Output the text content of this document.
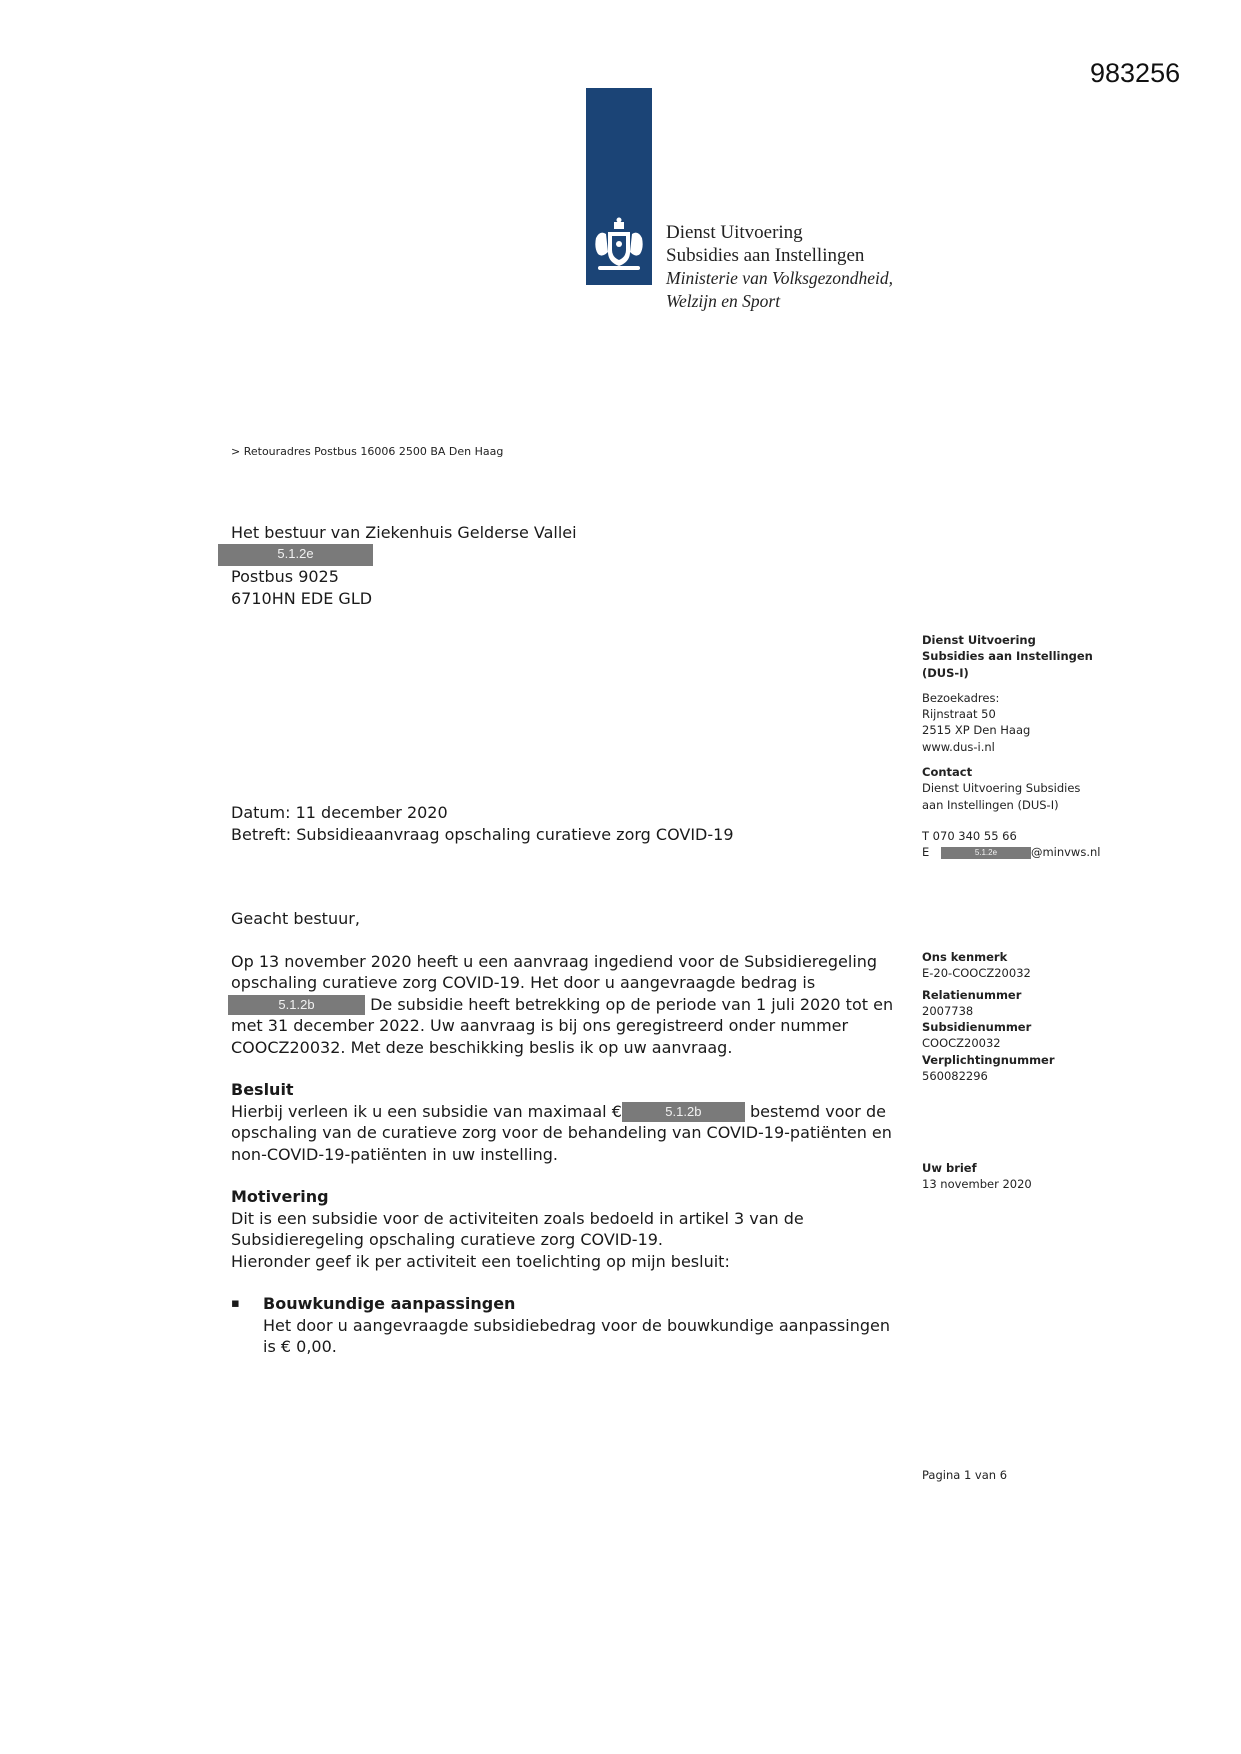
983256
Dienst Uitvoering
Subsidies aan Instellingen
Ministerie van Volksgezondheid,
Welzijn en Sport
> Retouradres Postbus 16006 2500 BA Den Haag
Het bestuur van Ziekenhuis Gelderse Vallei
5.1.2e
Postbus 9025
6710HN EDE GLD
Dienst Uitvoering
Subsidies aan Instellingen
(DUS-I)
Bezoekadres:
Rijnstraat 50
2515 XP Den Haag
www.dus-i.nl
Contact
Dienst Uitvoering Subsidies
aan Instellingen (DUS-I)
T 070 340 55 66
E	5.1.2e	@minvws.nl
Ons kenmerk
E-20-COOCZ20032
Relatienummer
2007738
Subsidienummer
COOCZ20032
Verplichtingnummer
560082296
Uw brief
13 november 2020
Pagina 1 van 6

Datum: 11 december 2020

Betreft: Subsidieaanvraag opschaling curatieve zorg COVID-19

Geacht bestuur,

Op 13 november 2020 heeft u een aanvraag ingediend voor de Subsidieregeling

opschaling curatieve zorg COVID-19. Het door u aangevraagde bedrag is

5.1.2b	De subsidie heeft betrekking op de periode van 1 juli 2020 tot en

met 31 december 2022. Uw aanvraag is bij ons geregistreerd onder nummer

COOCZ20032. Met deze beschikking beslis ik op uw aanvraag.

Besluit

Hierbij verleen ik u een subsidie van maximaal €	5.1.2b	bestemd voor de

opschaling van de curatieve zorg voor de behandeling van COVID-19-patiënten en

non-COVID-19-patiënten in uw instelling.

Motivering

Dit is een subsidie voor de activiteiten zoals bedoeld in artikel 3 van de

Subsidieregeling opschaling curatieve zorg COVID-19.

Hieronder geef ik per activiteit een toelichting op mijn besluit:

▪	Bouwkundige aanpassingen

Het door u aangevraagde subsidiebedrag voor de bouwkundige aanpassingen

is € 0,00.
